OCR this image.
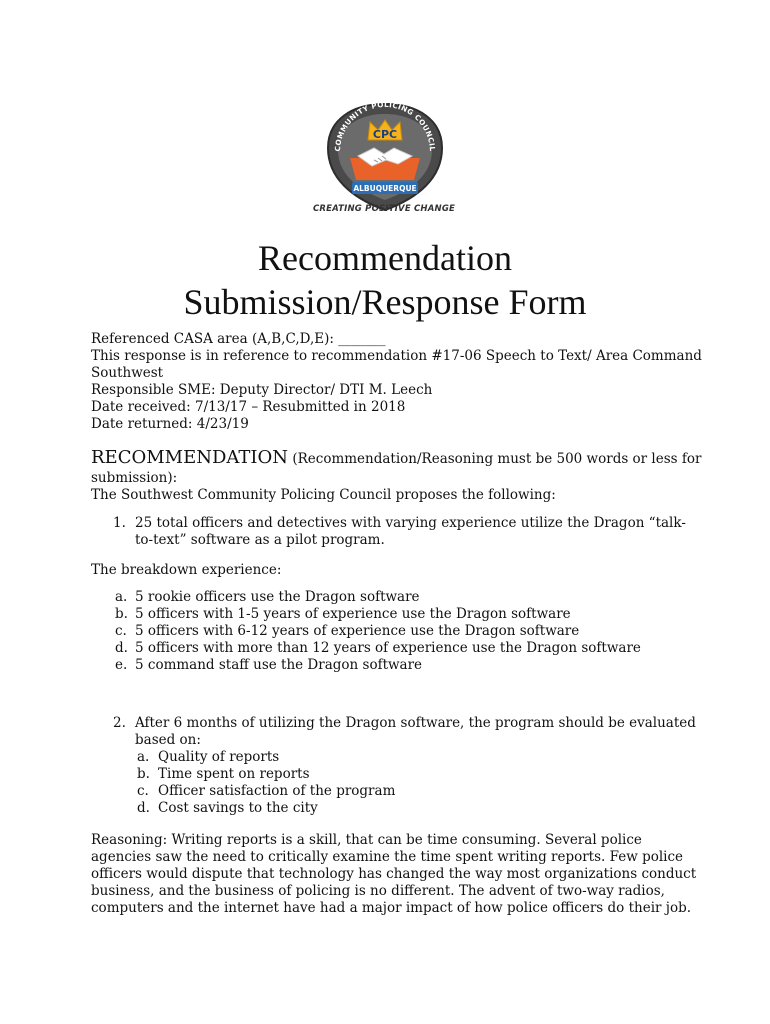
COMMUNITY POLICING COUNCIL
CPC
ALBUQUERQUE
CREATING POSITIVE CHANGE
Recommendation
Submission/Response Form
Referenced CASA area (A,B,C,D,E): _______
This response is in reference to recommendation #17-06 Speech to Text/ Area Command
Southwest
Responsible SME: Deputy Director/ DTI M. Leech
Date received: 7/13/17 – Resubmitted in 2018
Date returned: 4/23/19
RECOMMENDATION (Recommendation/Reasoning must be 500 words or less for
submission):
The Southwest Community Policing Council proposes the following:
1. 25 total officers and detectives with varying experience utilize the Dragon “talk-
to-text” software as a pilot program.
The breakdown experience:
a. 5 rookie officers use the Dragon software
b. 5 officers with 1-5 years of experience use the Dragon software
c. 5 officers with 6-12 years of experience use the Dragon software
d. 5 officers with more than 12 years of experience use the Dragon software
e. 5 command staff use the Dragon software
2. After 6 months of utilizing the Dragon software, the program should be evaluated
based on:
a. Quality of reports
b. Time spent on reports
c. Officer satisfaction of the program
d. Cost savings to the city
Reasoning: Writing reports is a skill, that can be time consuming. Several police
agencies saw the need to critically examine the time spent writing reports. Few police
officers would dispute that technology has changed the way most organizations conduct
business, and the business of policing is no different. The advent of two-way radios,
computers and the internet have had a major impact of how police officers do their job.
